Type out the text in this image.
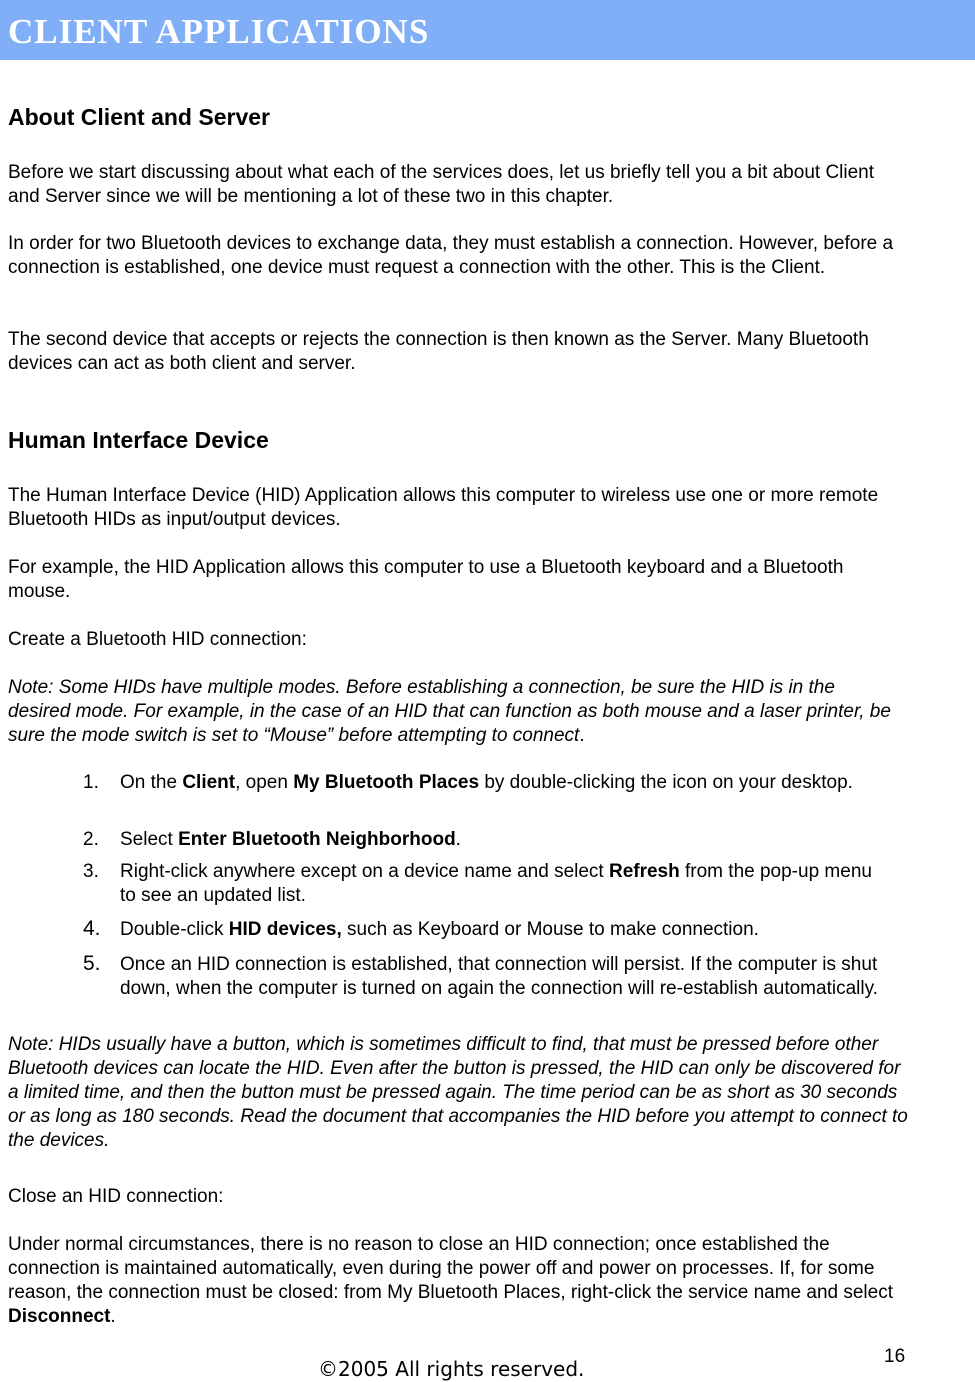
CLIENT APPLICATIONS
About Client and Server

Before we start discussing about what each of the services does, let us briefly tell you a bit about Client and Server since we will be mentioning a lot of these two in this chapter.

In order for two Bluetooth devices to exchange data, they must establish a connection. However, before a connection is established, one device must request a connection with the other. This is the Client.

The second device that accepts or rejects the connection is then known as the Server. Many Bluetooth devices can act as both client and server.

Human Interface Device

The Human Interface Device (HID) Application allows this computer to wireless use one or more remote Bluetooth HIDs as input/output devices.

For example, the HID Application allows this computer to use a Bluetooth keyboard and a Bluetooth mouse.

Create a Bluetooth HID connection:

Note: Some HIDs have multiple modes. Before establishing a connection, be sure the HID is in the desired mode. For example, in the case of an HID that can function as both mouse and a laser printer, be sure the mode switch is set to “Mouse” before attempting to connect.

1. On the Client, open My Bluetooth Places by double-clicking the icon on your desktop.
2. Select Enter Bluetooth Neighborhood.
3. Right-click anywhere except on a device name and select Refresh from the pop-up menu to see an updated list.
4. Double-click HID devices, such as Keyboard or Mouse to make connection.
5. Once an HID connection is established, that connection will persist. If the computer is shut down, when the computer is turned on again the connection will re-establish automatically.

Note: HIDs usually have a button, which is sometimes difficult to find, that must be pressed before other Bluetooth devices can locate the HID. Even after the button is pressed, the HID can only be discovered for a limited time, and then the button must be pressed again. The time period can be as short as 30 seconds or as long as 180 seconds. Read the document that accompanies the HID before you attempt to connect to the devices.

Close an HID connection:

Under normal circumstances, there is no reason to close an HID connection; once established the connection is maintained automatically, even during the power off and power on processes. If, for some reason, the connection must be closed: from My Bluetooth Places, right-click the service name and select Disconnect.

16
©2005 All rights reserved.
